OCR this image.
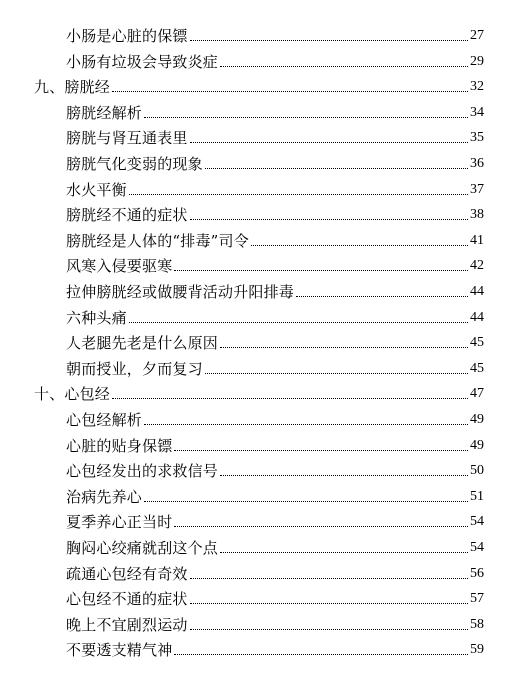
小肠是心脏的保镖	27
小肠有垃圾会导致炎症	29
九、膀胱经	32
膀胱经解析	34
膀胱与肾互通表里	35
膀胱气化变弱的现象	36
水火平衡	37
膀胱经不通的症状	38
膀胱经是人体的“排毒”司令	41
风寒入侵要驱寒	42
拉伸膀胱经或做腰背活动升阳排毒	44
六种头痛	44
人老腿先老是什么原因	45
朝而授业，夕而复习	45
十、心包经	47
心包经解析	49
心脏的贴身保镖	49
心包经发出的求救信号	50
治病先养心	51
夏季养心正当时	54
胸闷心绞痛就刮这个点	54
疏通心包经有奇效	56
心包经不通的症状	57
晚上不宜剧烈运动	58
不要透支精气神	59
